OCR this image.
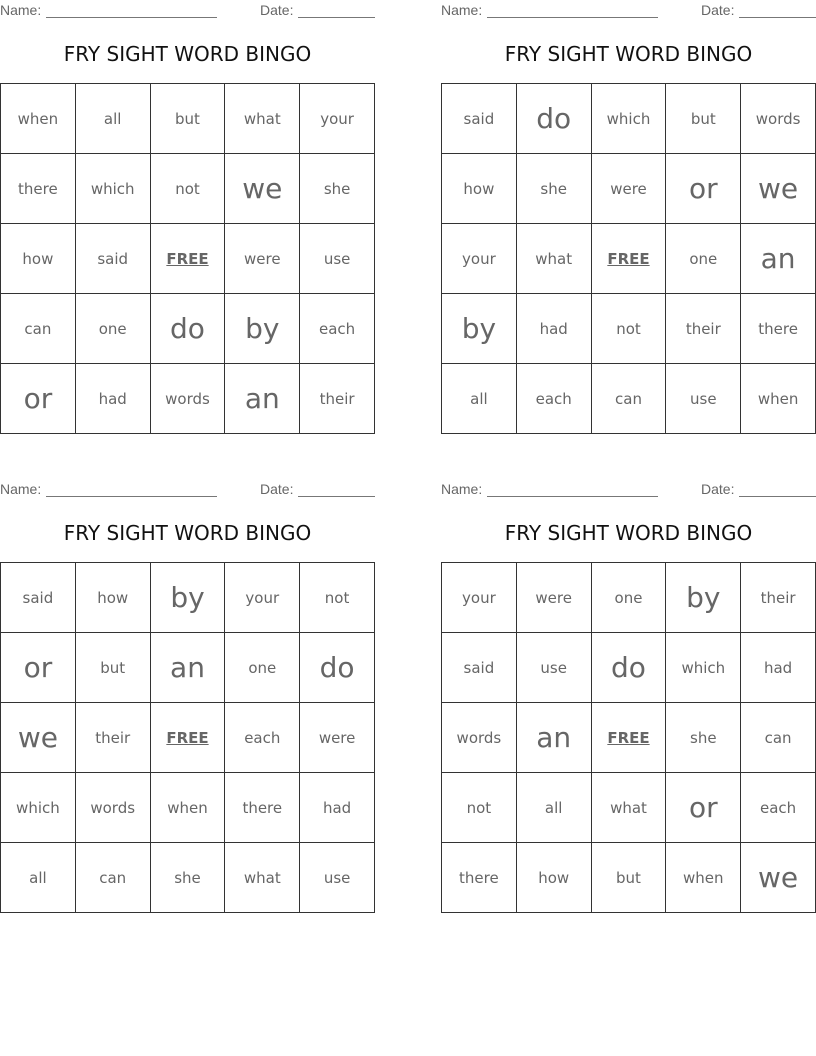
Name:	Date:
FRY SIGHT WORD BINGO
when	all	but	what	your
there	which	not	we	she
how	said	FREE	were	use
can	one	do	by	each
or	had	words	an	their
Name:	Date:
FRY SIGHT WORD BINGO
said	do	which	but	words
how	she	were	or	we
your	what	FREE	one	an
by	had	not	their	there
all	each	can	use	when
Name:	Date:
FRY SIGHT WORD BINGO
said	how	by	your	not
or	but	an	one	do
we	their	FREE	each	were
which	words	when	there	had
all	can	she	what	use
Name:	Date:
FRY SIGHT WORD BINGO
your	were	one	by	their
said	use	do	which	had
words	an	FREE	she	can
not	all	what	or	each
there	how	but	when	we
